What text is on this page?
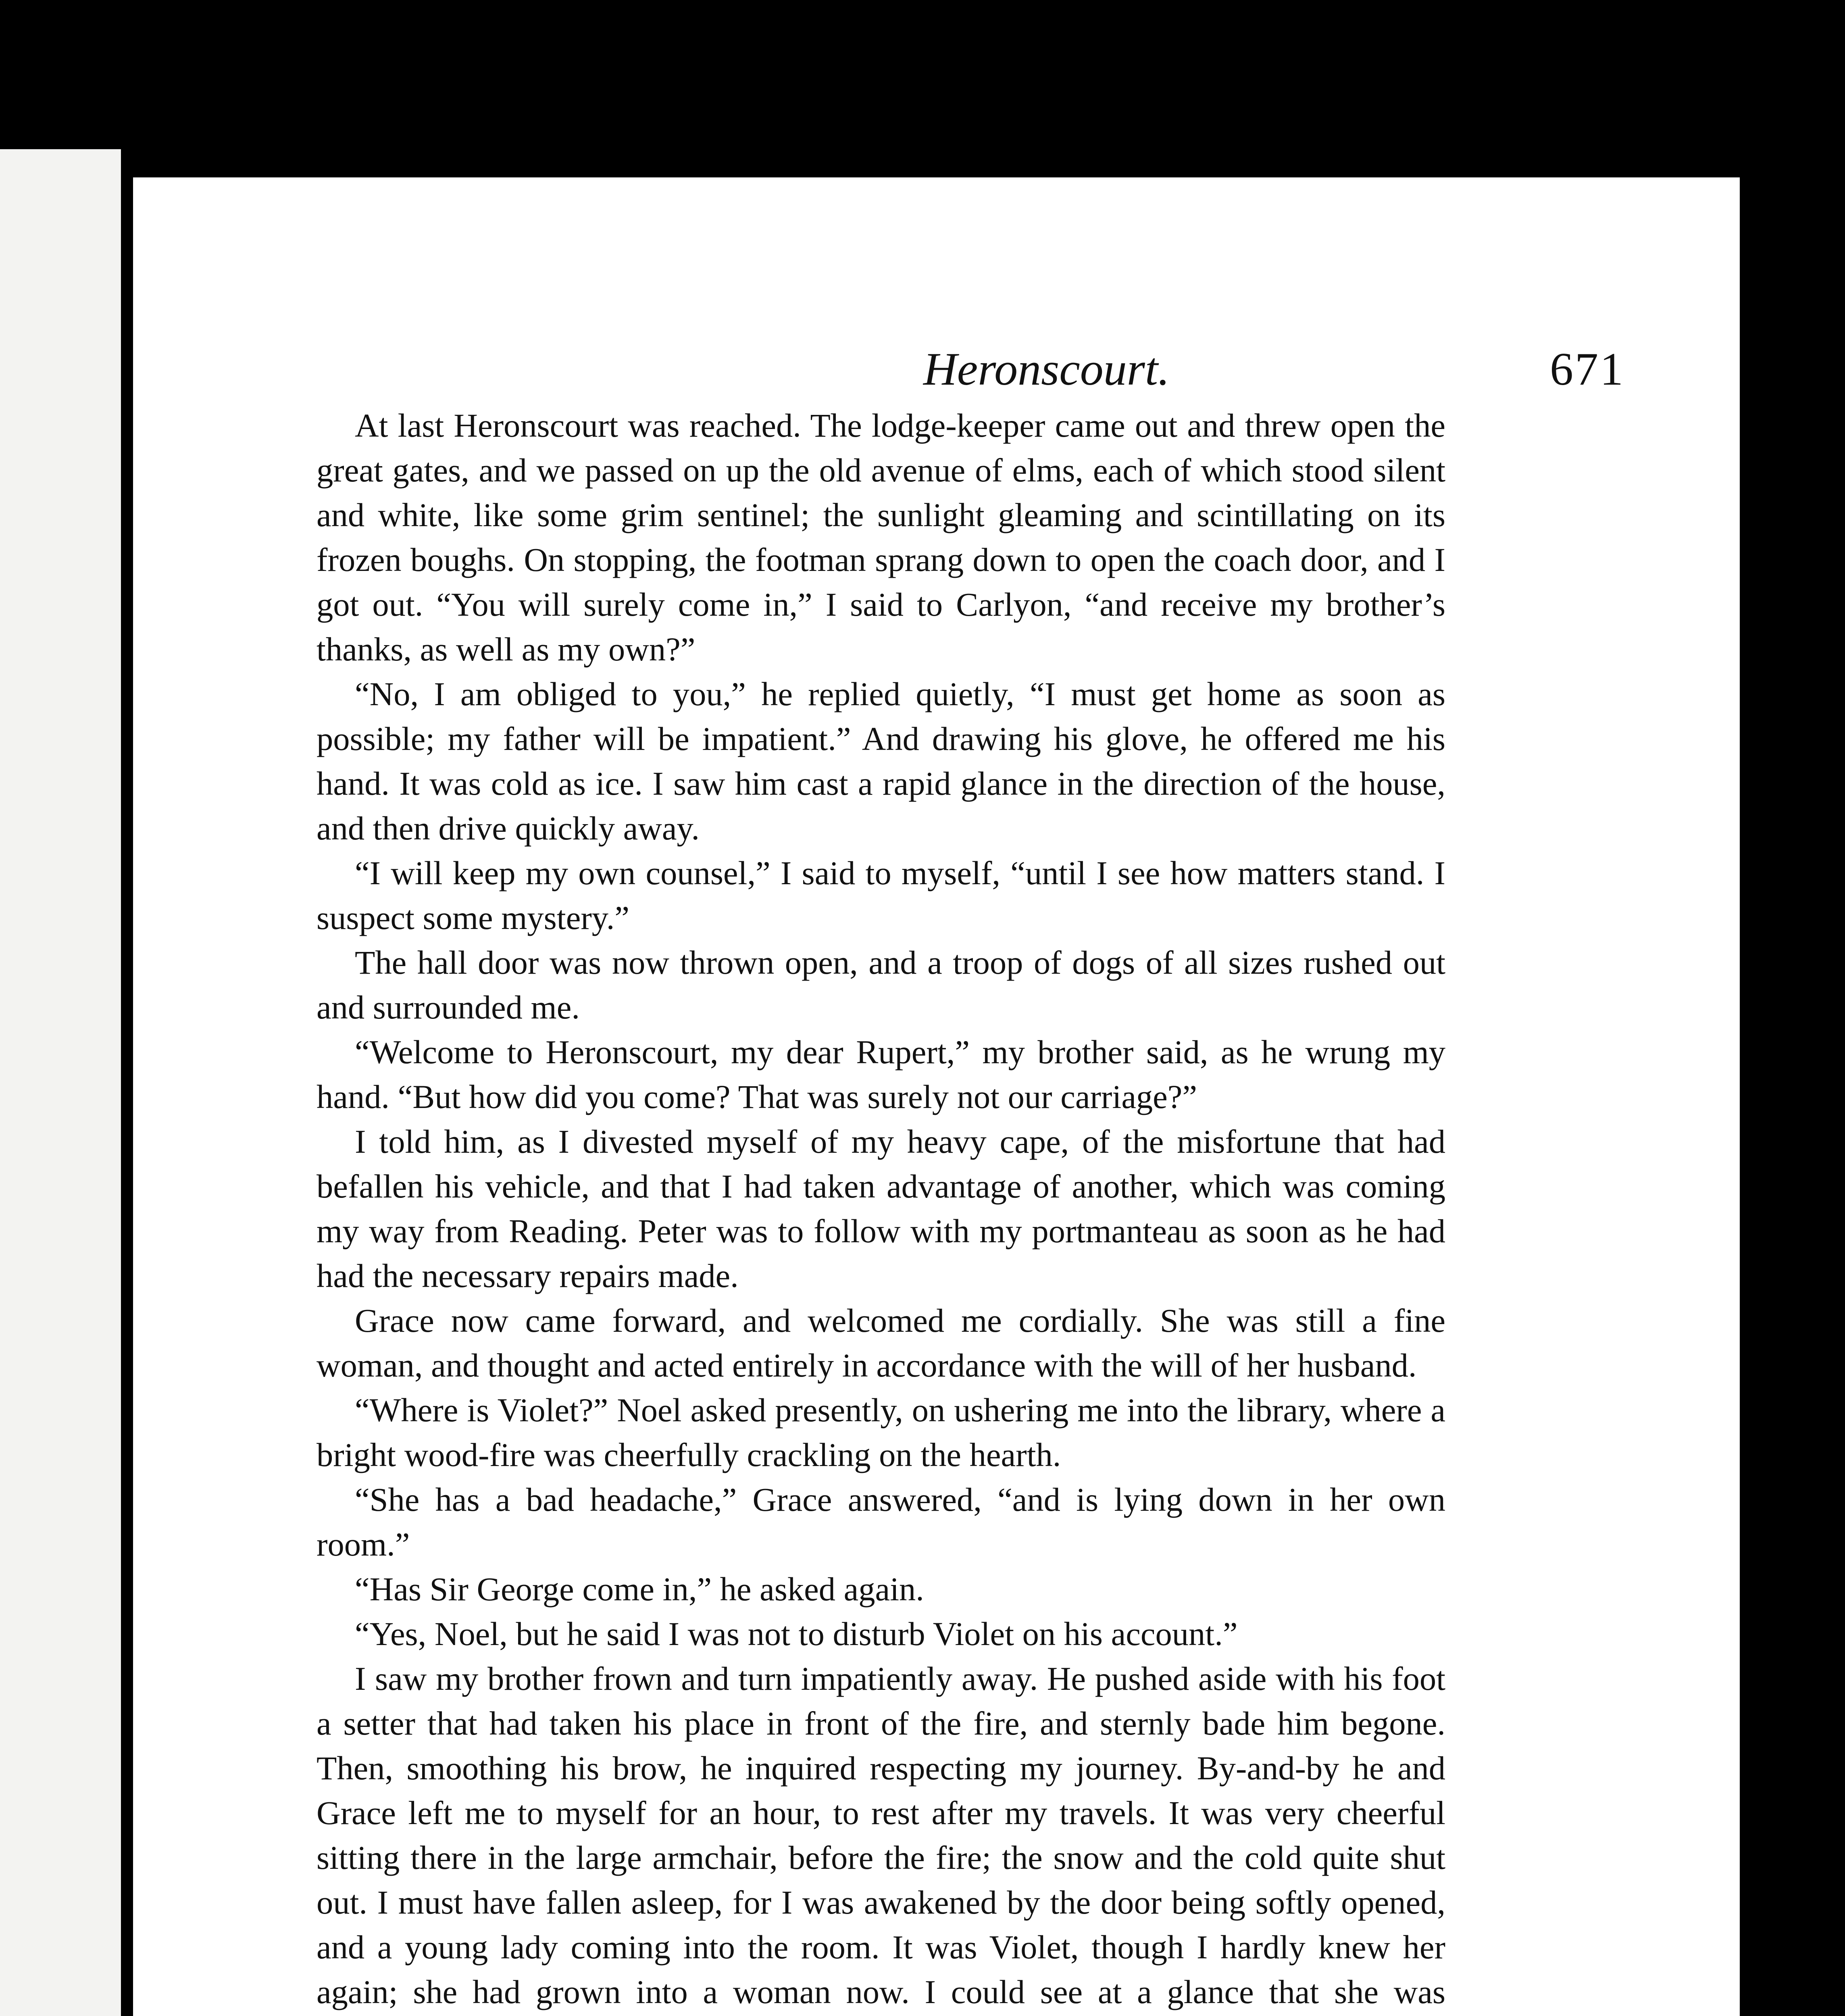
Heronscourt.	671

At last Heronscourt was reached. The lodge-keeper came out and threw open the great gates, and we passed on up the old avenue of elms, each of which stood silent and white, like some grim sentinel; the sunlight gleaming and scintillating on its frozen boughs. On stopping, the footman sprang down to open the coach door, and I got out. “You will surely come in,” I said to Carlyon, “and receive my brother’s thanks, as well as my own?”

“No, I am obliged to you,” he replied quietly, “I must get home as soon as possible; my father will be impatient.” And drawing his glove, he offered me his hand. It was cold as ice. I saw him cast a rapid glance in the direction of the house, and then drive quickly away.

“I will keep my own counsel,” I said to myself, “until I see how matters stand. I suspect some mystery.”

The hall door was now thrown open, and a troop of dogs of all sizes rushed out and surrounded me.

“Welcome to Heronscourt, my dear Rupert,” my brother said, as he wrung my hand. “But how did you come? That was surely not our carriage?”

I told him, as I divested myself of my heavy cape, of the misfortune that had befallen his vehicle, and that I had taken advantage of another, which was coming my way from Reading. Peter was to follow with my portmanteau as soon as he had had the necessary repairs made.

Grace now came forward, and welcomed me cordially. She was still a fine woman, and thought and acted entirely in accordance with the will of her husband.

“Where is Violet?” Noel asked presently, on ushering me into the library, where a bright wood-fire was cheerfully crackling on the hearth.

“She has a bad headache,” Grace answered, “and is lying down in her own room.”

“Has Sir George come in,” he asked again.

“Yes, Noel, but he said I was not to disturb Violet on his account.”

I saw my brother frown and turn impatiently away. He pushed aside with his foot a setter that had taken his place in front of the fire, and sternly bade him begone. Then, smoothing his brow, he inquired respecting my journey. By-and-by he and Grace left me to myself for an hour, to rest after my travels. It was very cheerful sitting there in the large armchair, before the fire; the snow and the cold quite shut out. I must have fallen asleep, for I was awakened by the door being softly opened, and a young lady coming into the room. It was Violet, though I hardly knew her again; she had grown into a woman now. I could see at a glance that she was
